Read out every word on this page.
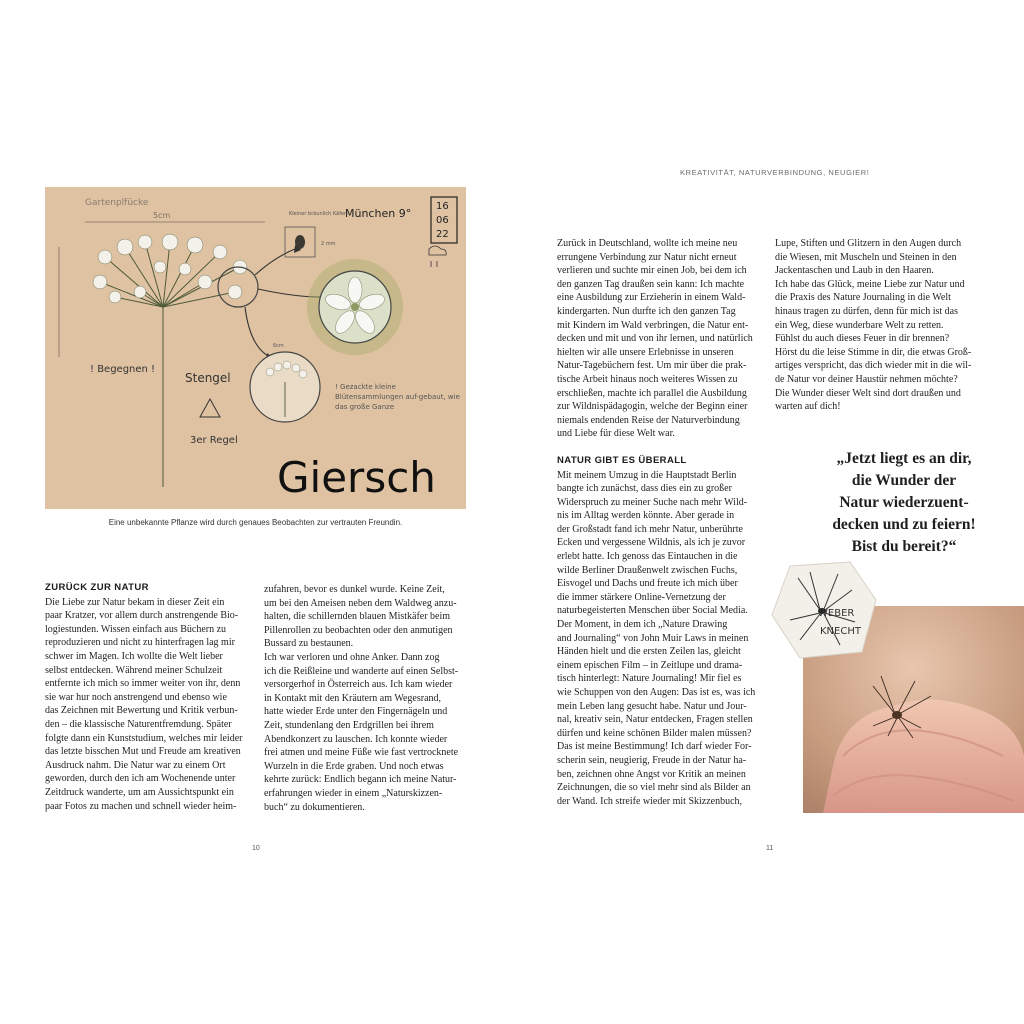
Gartenplfücke
5cm	Kleiner bräunlich Käfer
2 mm
6cm
! Begegnen !
Stengel
3er Regel
! Gezackte kleine Blütensammlungen auf-gebaut, wie das große Ganze
München 9°
16
06
22
Giersch
Eine unbekannte Pflanze wird durch genaues Beobachten zur vertrauten Freundin.
ZURÜCK ZUR NATUR

Die Liebe zur Natur bekam in dieser Zeit ein
paar Kratzer, vor allem durch anstrengende Bio-
logiestunden. Wissen einfach aus Büchern zu
reproduzieren und nicht zu hinterfragen lag mir
schwer im Magen. Ich wollte die Welt lieber
selbst entdecken. Während meiner Schulzeit
entfernte ich mich so immer weiter von ihr, denn
sie war hur noch anstrengend und ebenso wie
das Zeichnen mit Bewertung und Kritik verbun-
den – die klassische Naturentfremdung. Später
folgte dann ein Kunststudium, welches mir leider
das letzte bisschen Mut und Freude am kreativen
Ausdruck nahm. Die Natur war zu einem Ort
geworden, durch den ich am Wochenende unter
Zeitdruck wanderte, um am Aussichtspunkt ein
paar Fotos zu machen und schnell wieder heim-

zufahren, bevor es dunkel wurde. Keine Zeit,
um bei den Ameisen neben dem Waldweg anzu-
halten, die schillernden blauen Mistkäfer beim
Pillenrollen zu beobachten oder den anmutigen
Bussard zu bestaunen.
Ich war verloren und ohne Anker. Dann zog
ich die Reißleine und wanderte auf einen Selbst-
versorgerhof in Österreich aus. Ich kam wieder
in Kontakt mit den Kräutern am Wegesrand,
hatte wieder Erde unter den Fingernägeln und
Zeit, stundenlang den Erdgrillen bei ihrem
Abendkonzert zu lauschen. Ich konnte wieder
frei atmen und meine Füße wie fast vertrocknete
Wurzeln in die Erde graben. Und noch etwas
kehrte zurück: Endlich begann ich meine Natur-
erfahrungen wieder in einem „Naturskizzen-
buch“ zu dokumentieren.

10
KREATIVITÄT, NATURVERBINDUNG, NEUGIER!

Zurück in Deutschland, wollte ich meine neu
errungene Verbindung zur Natur nicht erneut
verlieren und suchte mir einen Job, bei dem ich
den ganzen Tag draußen sein kann: Ich machte
eine Ausbildung zur Erzieherin in einem Wald-
kindergarten. Nun durfte ich den ganzen Tag
mit Kindern im Wald verbringen, die Natur ent-
decken und mit und von ihr lernen, und natürlich
hielten wir alle unsere Erlebnisse in unseren
Natur-Tagebüchern fest. Um mir über die prak-
tische Arbeit hinaus noch weiteres Wissen zu
erschließen, machte ich parallel die Ausbildung
zur Wildnispädagogin, welche der Beginn einer
niemals endenden Reise der Naturverbindung
und Liebe für diese Welt war.

NATUR GIBT ES ÜBERALL

Mit meinem Umzug in die Hauptstadt Berlin
bangte ich zunächst, dass dies ein zu großer
Widerspruch zu meiner Suche nach mehr Wild-
nis im Alltag werden könnte. Aber gerade in
der Großstadt fand ich mehr Natur, unberührte
Ecken und vergessene Wildnis, als ich je zuvor
erlebt hatte. Ich genoss das Eintauchen in die
wilde Berliner Draußenwelt zwischen Fuchs,
Eisvogel und Dachs und freute ich mich über
die immer stärkere Online-Vernetzung der
naturbegeisterten Menschen über Social Media.
Der Moment, in dem ich „Nature Drawing
and Journaling“ von John Muir Laws in meinen
Händen hielt und die ersten Zeilen las, gleicht
einem epischen Film – in Zeitlupe und drama-
tisch hinterlegt: Nature Journaling! Mir fiel es
wie Schuppen von den Augen: Das ist es, was ich
mein Leben lang gesucht habe. Natur und Jour-
nal, kreativ sein, Natur entdecken, Fragen stellen
dürfen und keine schönen Bilder malen müssen?
Das ist meine Bestimmung! Ich darf wieder For-
scherin sein, neugierig, Freude in der Natur ha-
ben, zeichnen ohne Angst vor Kritik an meinen
Zeichnungen, die so viel mehr sind als Bilder an
der Wand. Ich streife wieder mit Skizzenbuch,

Lupe, Stiften und Glitzern in den Augen durch
die Wiesen, mit Muscheln und Steinen in den
Jackentaschen und Laub in den Haaren.
Ich habe das Glück, meine Liebe zur Natur und
die Praxis des Nature Journaling in die Welt
hinaus tragen zu dürfen, denn für mich ist das
ein Weg, diese wunderbare Welt zu retten.
Fühlst du auch dieses Feuer in dir brennen?
Hörst du die leise Stimme in dir, die etwas Groß-
artiges verspricht, das dich wieder mit in die wil-
de Natur vor deiner Haustür nehmen möchte?
Die Wunder dieser Welt sind dort draußen und
warten auf dich!

„Jetzt liegt es an dir,
die Wunder der
Natur wiederzuent-
decken und zu feiern!
Bist du bereit?“
WEBER
KNECHT
11
